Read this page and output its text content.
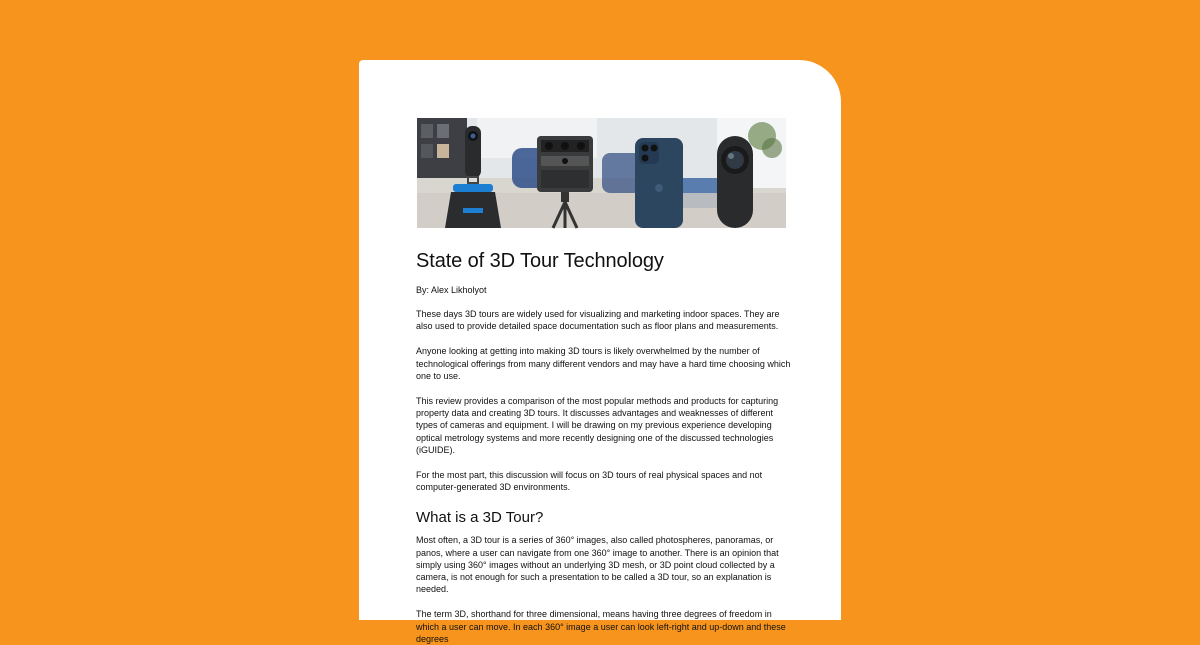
State of 3D Tour Technology

By: Alex Likholyot

These days 3D tours are widely used for visualizing and marketing indoor spaces. They are also used to provide detailed space documentation such as floor plans and measurements.

Anyone looking at getting into making 3D tours is likely overwhelmed by the number of technological offerings from many different vendors and may have a hard time choosing which one to use.

This review provides a comparison of the most popular methods and products for capturing property data and creating 3D tours. It discusses advantages and weaknesses of different types of cameras and equipment. I will be drawing on my previous experience developing optical metrology systems and more recently designing one of the discussed technologies (iGUIDE).

For the most part, this discussion will focus on 3D tours of real physical spaces and not computer-generated 3D environments.

What is a 3D Tour?

Most often, a 3D tour is a series of 360° images, also called photospheres, panoramas, or panos, where a user can navigate from one 360° image to another. There is an opinion that simply using 360° images without an underlying 3D mesh, or 3D point cloud collected by a camera, is not enough for such a presentation to be called a 3D tour, so an explanation is needed.

The term 3D, shorthand for three dimensional, means having three degrees of freedom in which a user can move. In each 360° image a user can look left-right and up-down and these degrees
